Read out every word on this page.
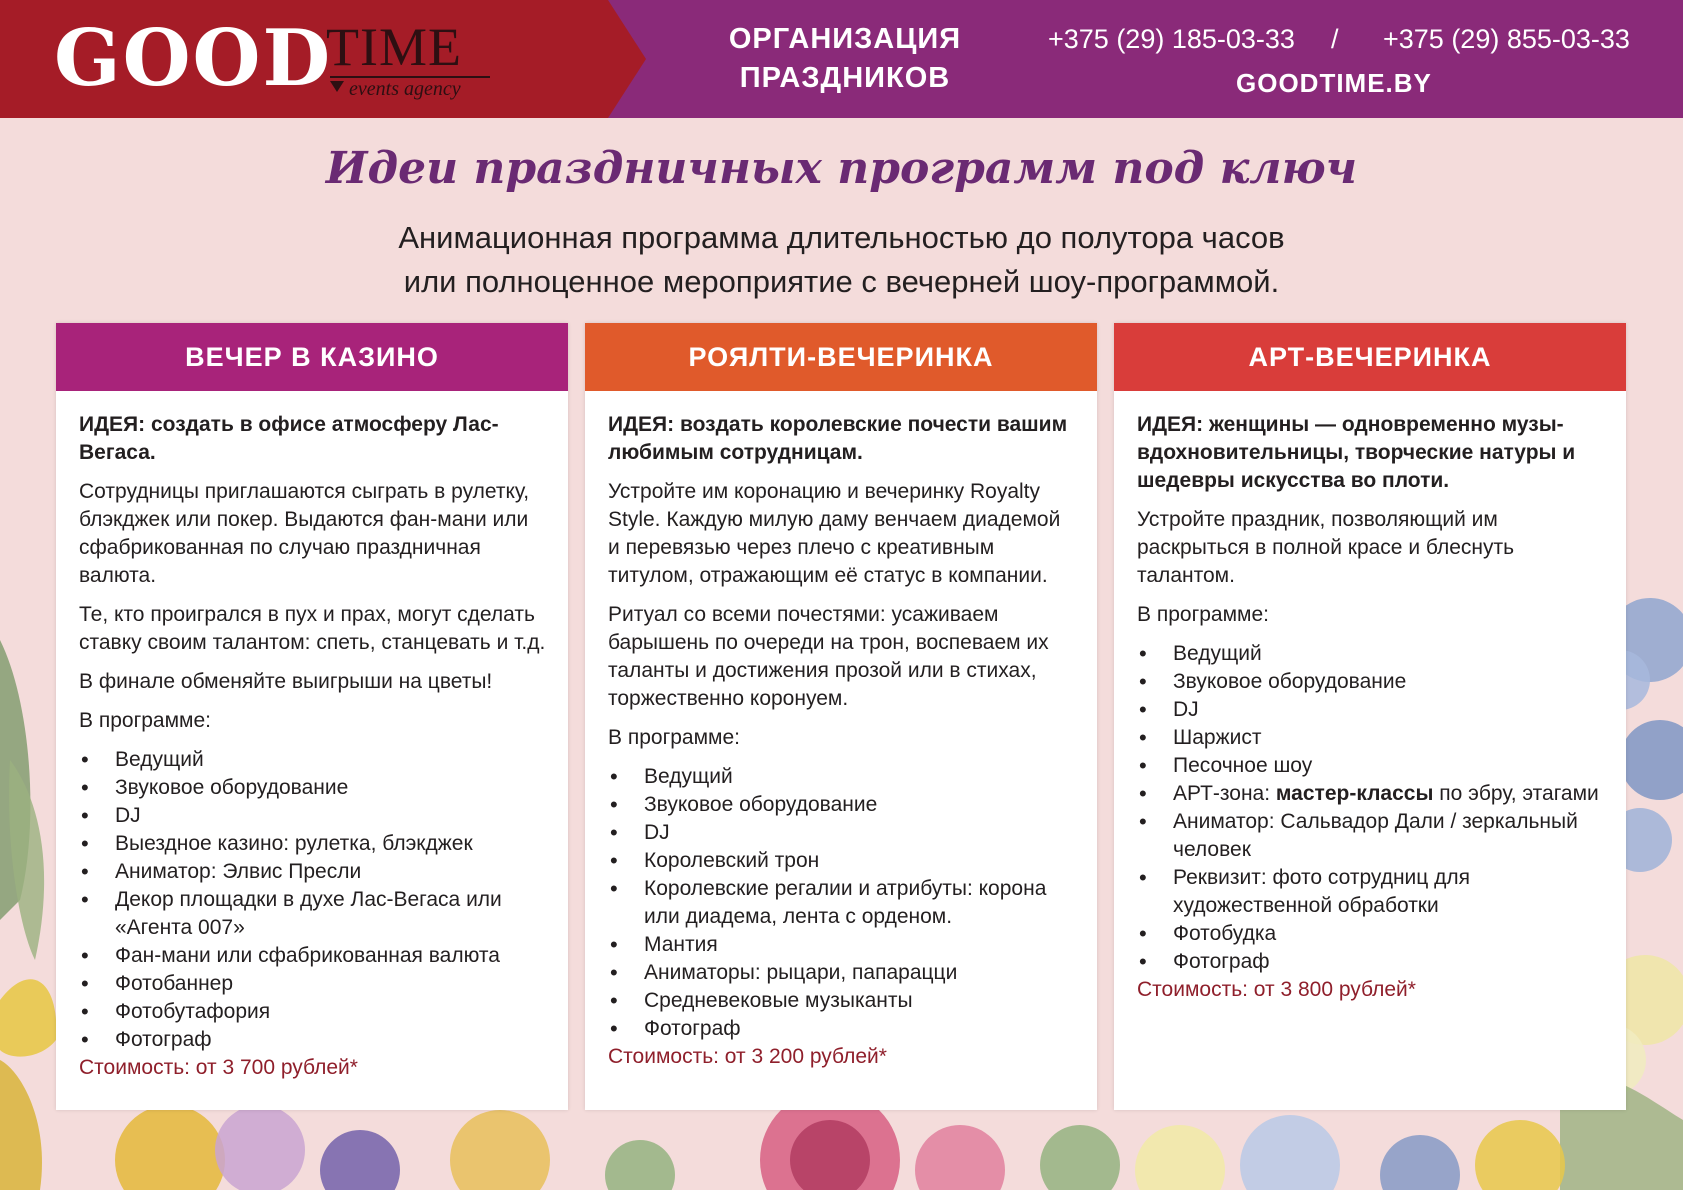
GOOD
TIME
events agency
ОРГАНИЗАЦИЯ
ПРАЗДНИКОВ
+375 (29) 185-03-33 / +375 (29) 855-03-33
GOODTIME.BY
Идеи праздничных программ под ключ
Анимационная программа длительностью до полутора часов
или полноценное мероприятие с вечерней шоу-программой.
ВЕЧЕР В КАЗИНО

ИДЕЯ: создать в офисе атмосферу Лас-Вегаса.

Сотрудницы приглашаются сыграть в рулетку, блэкджек или покер. Выдаются фан-мани или сфабрикованная по случаю праздничная валюта.

Те, кто проигрался в пух и прах, могут сделать ставку своим талантом: спеть, станцевать и т.д.

В финале обменяйте выигрыши на цветы!

В программе:

• Ведущий
• Звуковое оборудование
• DJ
• Выездное казино: рулетка, блэкджек
• Аниматор: Элвис Пресли
• Декор площадки в духе Лас-Вегаса или «Агента 007»
• Фан-мани или сфабрикованная валюта
• Фотобаннер
• Фотобутафория
• Фотограф

Стоимость: от 3 700 рублей*

РОЯЛТИ-ВЕЧЕРИНКА

ИДЕЯ: воздать королевские почести вашим любимым сотрудницам.

Устройте им коронацию и вечеринку Royalty Style. Каждую милую даму венчаем диадемой и перевязью через плечо с креативным титулом, отражающим её статус в компании.

Ритуал со всеми почестями: усаживаем барышень по очереди на трон, воспеваем их таланты и достижения прозой или в стихах, торжественно коронуем.

В программе:

• Ведущий
• Звуковое оборудование
• DJ
• Королевский трон
• Королевские регалии и атрибуты: корона или диадема, лента с орденом.
• Мантия
• Аниматоры: рыцари, папарацци
• Средневековые музыканты
• Фотограф

Стоимость: от 3 200 рублей*

АРТ-ВЕЧЕРИНКА

ИДЕЯ: женщины — одновременно музы-вдохновительницы, творческие натуры и шедевры искусства во плоти.

Устройте праздник, позволяющий им раскрыться в полной красе и блеснуть талантом.

В программе:

• Ведущий
• Звуковое оборудование
• DJ
• Шаржист
• Песочное шоу
• АРТ-зона: мастер-классы по эбру, этагами
• Аниматор: Сальвадор Дали / зеркальный человек
• Реквизит: фото сотрудниц для художественной обработки
• Фотобудка
• Фотограф

Стоимость: от 3 800 рублей*
